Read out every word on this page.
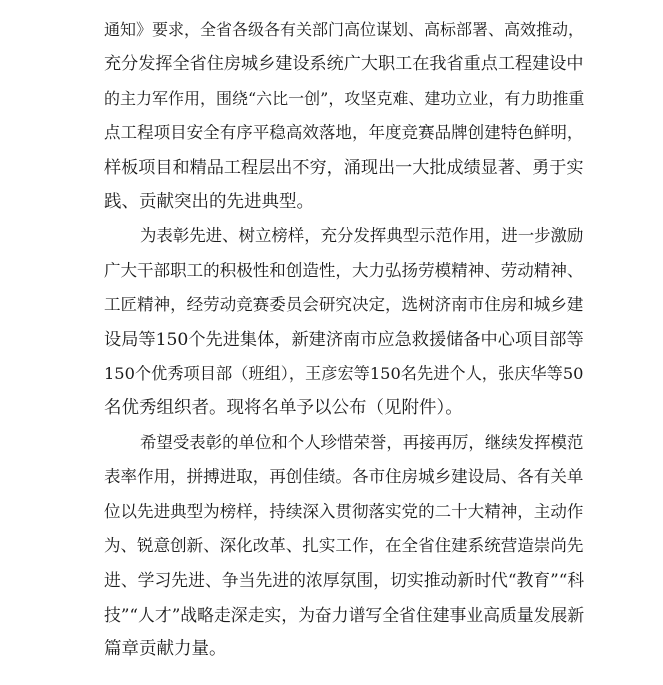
通知》要求，全省各级各有关部门高位谋划、高标部署、高效推动，
充分发挥全省住房城乡建设系统广大职工在我省重点工程建设中
的主力军作用，围绕“六比一创”，攻坚克难、建功立业，有力助推重
点工程项目安全有序平稳高效落地，年度竞赛品牌创建特色鲜明，
样板项目和精品工程层出不穷，涌现出一大批成绩显著、勇于实
践、贡献突出的先进典型。
为表彰先进、树立榜样，充分发挥典型示范作用，进一步激励
广大干部职工的积极性和创造性，大力弘扬劳模精神、劳动精神、
工匠精神，经劳动竞赛委员会研究决定，选树济南市住房和城乡建
设局等150个先进集体，新建济南市应急救援储备中心项目部等
150个优秀项目部（班组），王彦宏等150名先进个人，张庆华等50
名优秀组织者。现将名单予以公布（见附件）。
希望受表彰的单位和个人珍惜荣誉，再接再厉，继续发挥模范
表率作用，拼搏进取，再创佳绩。各市住房城乡建设局、各有关单
位以先进典型为榜样，持续深入贯彻落实党的二十大精神，主动作
为、锐意创新、深化改革、扎实工作，在全省住建系统营造崇尚先
进、学习先进、争当先进的浓厚氛围，切实推动新时代“教育”“科
技”“人才”战略走深走实，为奋力谱写全省住建事业高质量发展新
篇章贡献力量。
